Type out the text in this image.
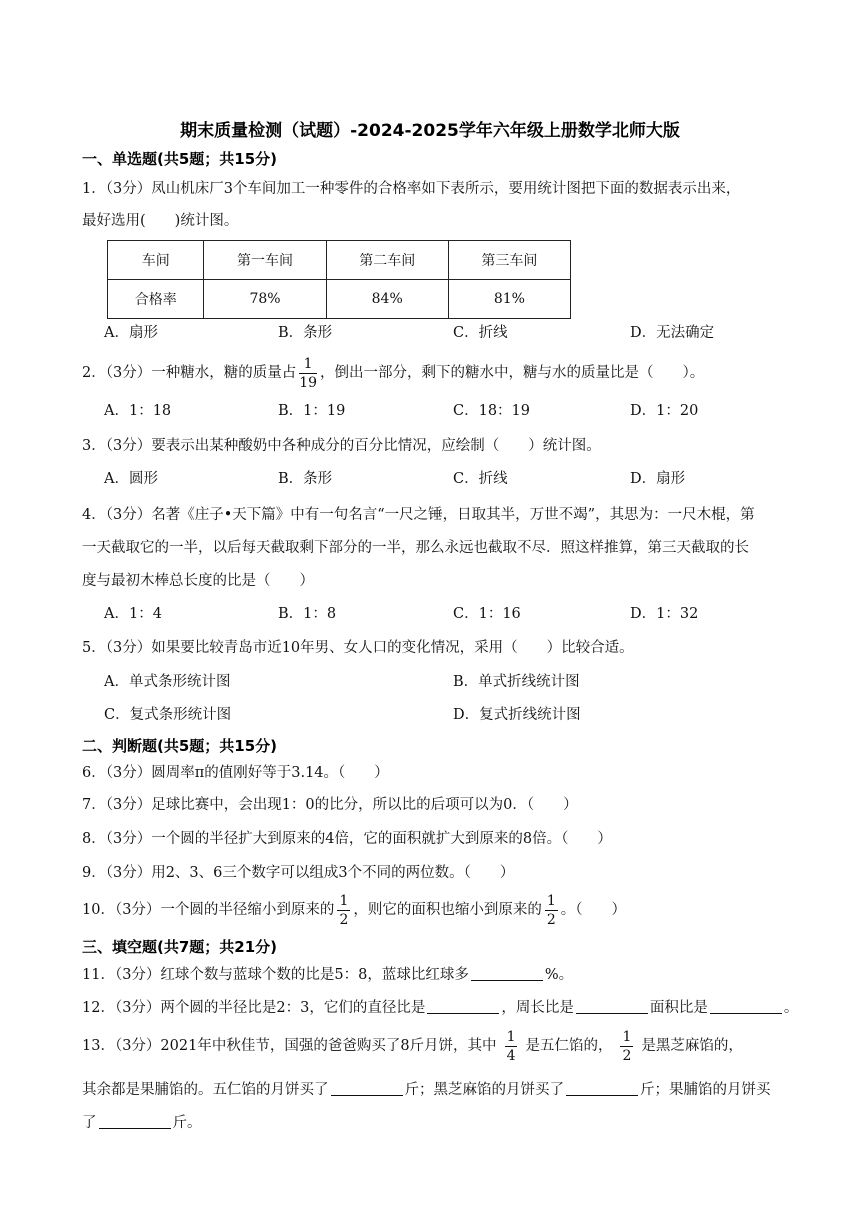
期末质量检测（试题）-2024-2025学年六年级上册数学北师大版
一、单选题(共5题；共15分)
1．（3分）凤山机床厂3个车间加工一种零件的合格率如下表所示，要用统计图把下面的数据表示出来，
最好选用(　　)统计图。
车间	第一车间	第二车间	第三车间
合格率	78%	84%	81%
A．扇形	B．条形	C．折线	D．无法确定
2．（3分）一种糖水，糖的质量占 $\frac{1}{19}$ ，倒出一部分，剩下的糖水中，糖与水的质量比是（　　）。
A．1：18	B．1：19	C．18：19	D．1：20
3．（3分）要表示出某种酸奶中各种成分的百分比情况，应绘制（　　）统计图。
A．圆形	B．条形	C．折线	D．扇形
4．（3分）名著《庄子•天下篇》中有一句名言“一尺之锤，日取其半，万世不竭”，其思为：一尺木棍，第
一天截取它的一半，以后每天截取剩下部分的一半，那么永远也截取不尽．照这样推算，第三天截取的长
度与最初木棒总长度的比是（　　）
A．1：4	B．1：8	C．1：16	D．1：32
5．（3分）如果要比较青岛市近10年男、女人口的变化情况，采用（　　）比较合适。
A．单式条形统计图	B．单式折线统计图
C．复式条形统计图	D．复式折线统计图
二、判断题(共5题；共15分)
6．（3分）圆周率π的值刚好等于3.14。（　　）
7．（3分）足球比赛中，会出现1：0的比分，所以比的后项可以为0．（　　）
8．（3分）一个圆的半径扩大到原来的4倍，它的面积就扩大到原来的8倍。（　　）
9．（3分）用2、3、6三个数字可以组成3个不同的两位数。（　　）
10．（3分）一个圆的半径缩小到原来的 $\frac{1}{2}$ ，则它的面积也缩小到原来的 $\frac{1}{2}$ 。（　　）
三、填空题(共7题；共21分)
11．（3分）红球个数与蓝球个数的比是5：8，蓝球比红球多	%。
12．（3分）两个圆的半径比是2：3，它们的直径比是	，周长比是	面积比是	。
13．（3分）2021年中秋佳节，国强的爸爸购买了8斤月饼，其中 $\frac{1}{4}$ 是五仁馅的， $\frac{1}{2}$ 是黑芝麻馅的，
其余都是果脯馅的。五仁馅的月饼买了	斤；黑芝麻馅的月饼买了	斤；果脯馅的月饼买
了	斤。
